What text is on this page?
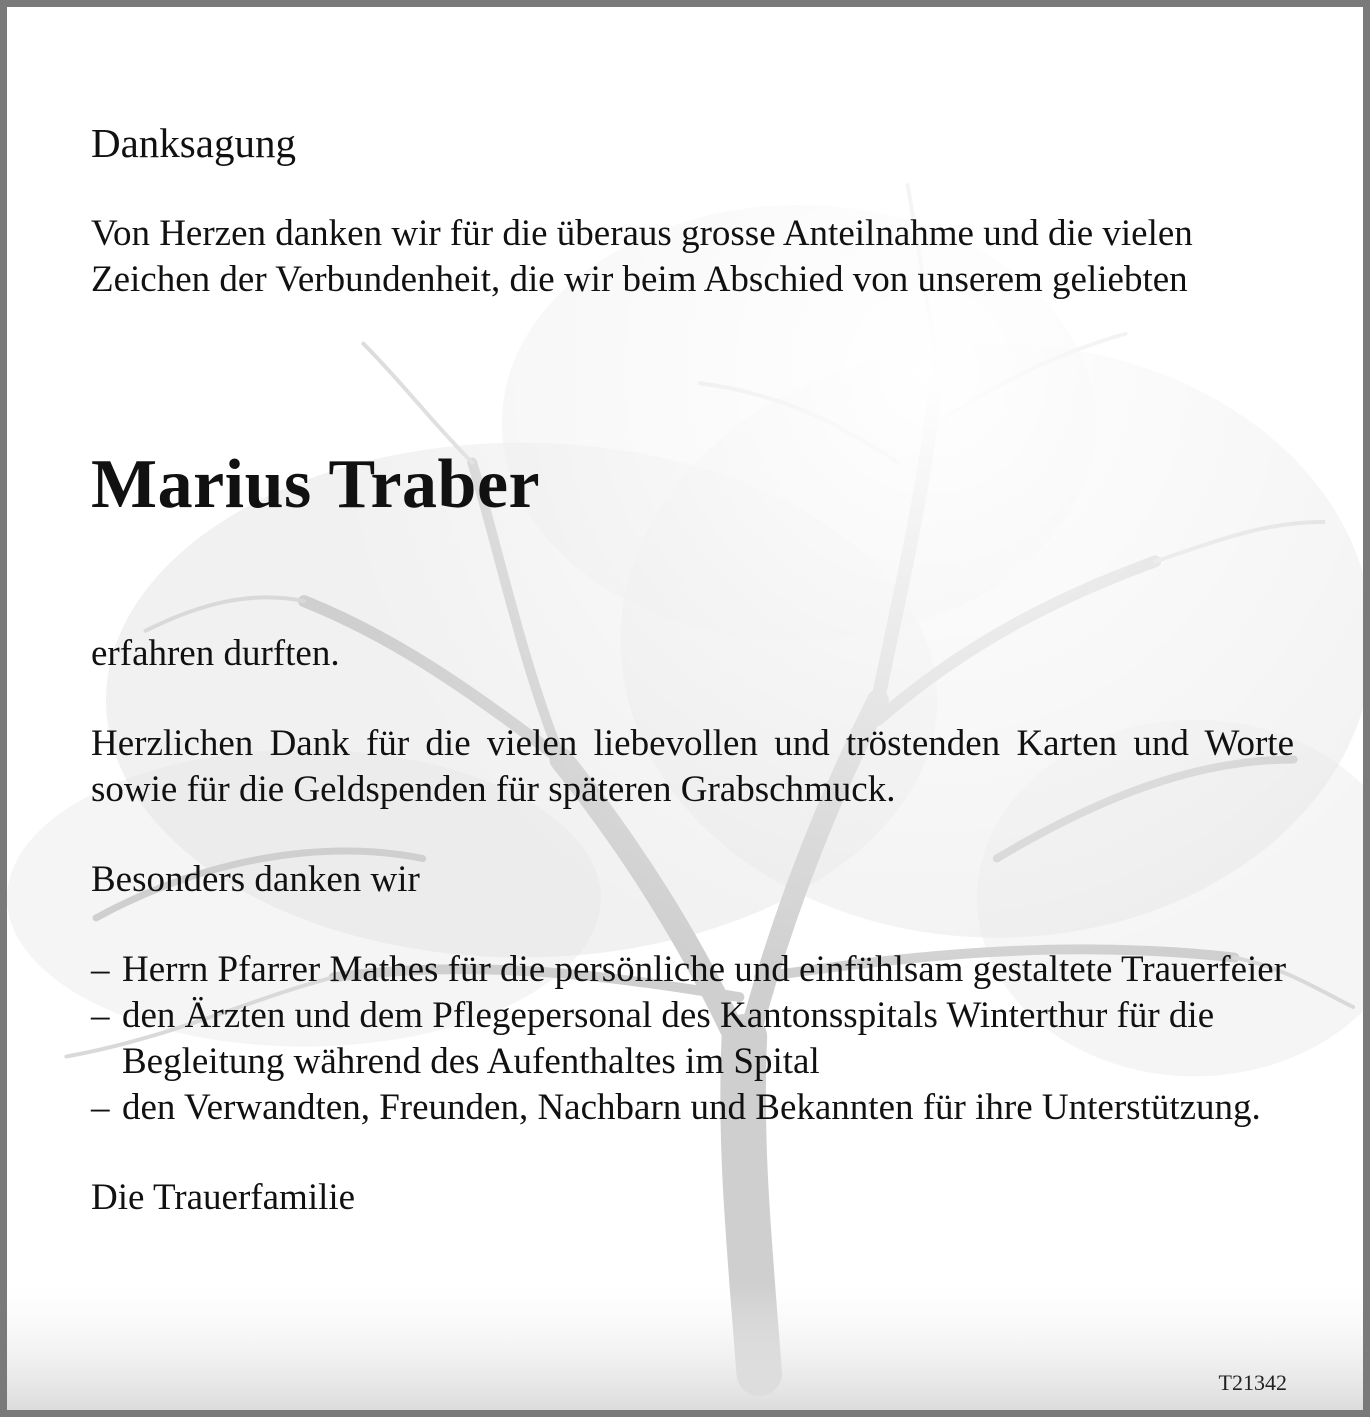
Danksagung

Von Herzen danken wir für die überaus grosse Anteilnahme und die vielen Zeichen der Verbundenheit, die wir beim Abschied von unserem geliebten

Marius Traber

erfahren durften.

Herzlichen Dank für die vielen liebevollen und tröstenden Karten und Worte sowie für die Geldspenden für späteren Grabschmuck.

Besonders danken wir

– Herrn Pfarrer Mathes für die persönliche und einfühlsam gestaltete Trauerfeier
– den Ärzten und dem Pflegepersonal des Kantonsspitals Winterthur für die Begleitung während des Aufenthaltes im Spital
– den Verwandten, Freunden, Nachbarn und Bekannten für ihre Unterstützung.

Die Trauerfamilie

T21342
